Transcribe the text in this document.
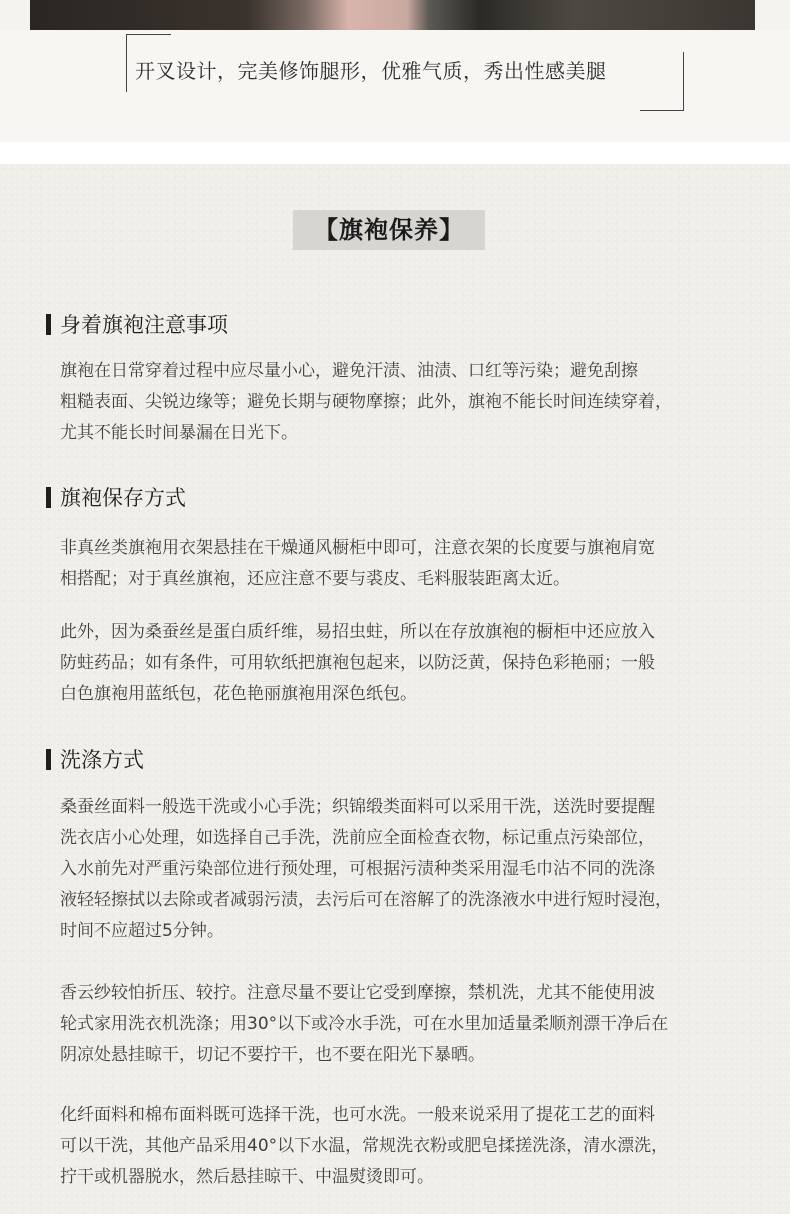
开叉设计，完美修饰腿形，优雅气质，秀出性感美腿
【旗袍保养】
身着旗袍注意事项
旗袍在日常穿着过程中应尽量小心，避免汗渍、油渍、口红等污染；避免刮擦
粗糙表面、尖锐边缘等；避免长期与硬物摩擦；此外，旗袍不能长时间连续穿着，
尤其不能长时间暴漏在日光下。
旗袍保存方式
非真丝类旗袍用衣架悬挂在干燥通风橱柜中即可，注意衣架的长度要与旗袍肩宽
相搭配；对于真丝旗袍，还应注意不要与裘皮、毛料服装距离太近。
此外，因为桑蚕丝是蛋白质纤维，易招虫蛀，所以在存放旗袍的橱柜中还应放入
防蛀药品；如有条件，可用软纸把旗袍包起来，以防泛黄，保持色彩艳丽；一般
白色旗袍用蓝纸包，花色艳丽旗袍用深色纸包。
洗涤方式
桑蚕丝面料一般选干洗或小心手洗；织锦缎类面料可以采用干洗，送洗时要提醒
洗衣店小心处理，如选择自己手洗，洗前应全面检查衣物，标记重点污染部位，
入水前先对严重污染部位进行预处理，可根据污渍种类采用湿毛巾沾不同的洗涤
液轻轻擦拭以去除或者减弱污渍，去污后可在溶解了的洗涤液水中进行短时浸泡，
时间不应超过5分钟。
香云纱较怕折压、较拧。注意尽量不要让它受到摩擦，禁机洗，尤其不能使用波
轮式家用洗衣机洗涤；用30°以下或冷水手洗，可在水里加适量柔顺剂漂干净后在
阴凉处悬挂晾干，切记不要拧干，也不要在阳光下暴晒。
化纤面料和棉布面料既可选择干洗，也可水洗。一般来说采用了提花工艺的面料
可以干洗，其他产品采用40°以下水温，常规洗衣粉或肥皂揉搓洗涤，清水漂洗，
拧干或机器脱水，然后悬挂晾干、中温熨烫即可。
